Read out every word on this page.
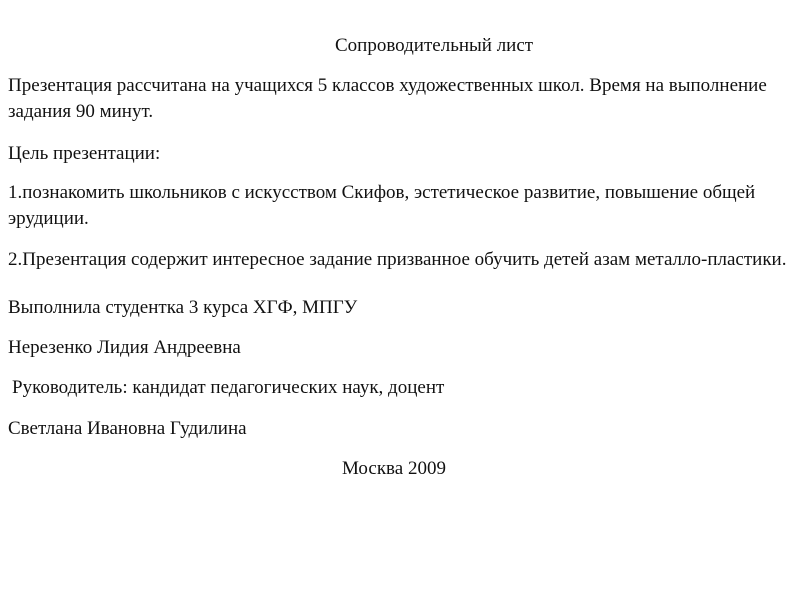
Сопроводительный лист
Презентация рассчитана на учащихся 5 классов художественных школ. Время на выполнение задания 90 минут.
Цель презентации:
1.познакомить школьников с искусством Скифов, эстетическое развитие, повышение общей эрудиции.
2.Презентация содержит интересное задание призванное обучить детей азам металло-пластики.
Выполнила студентка 3 курса ХГФ, МПГУ
Нерезенко Лидия Андреевна
Руководитель: кандидат педагогических наук, доцент
Светлана Ивановна Гудилина
Москва 2009
